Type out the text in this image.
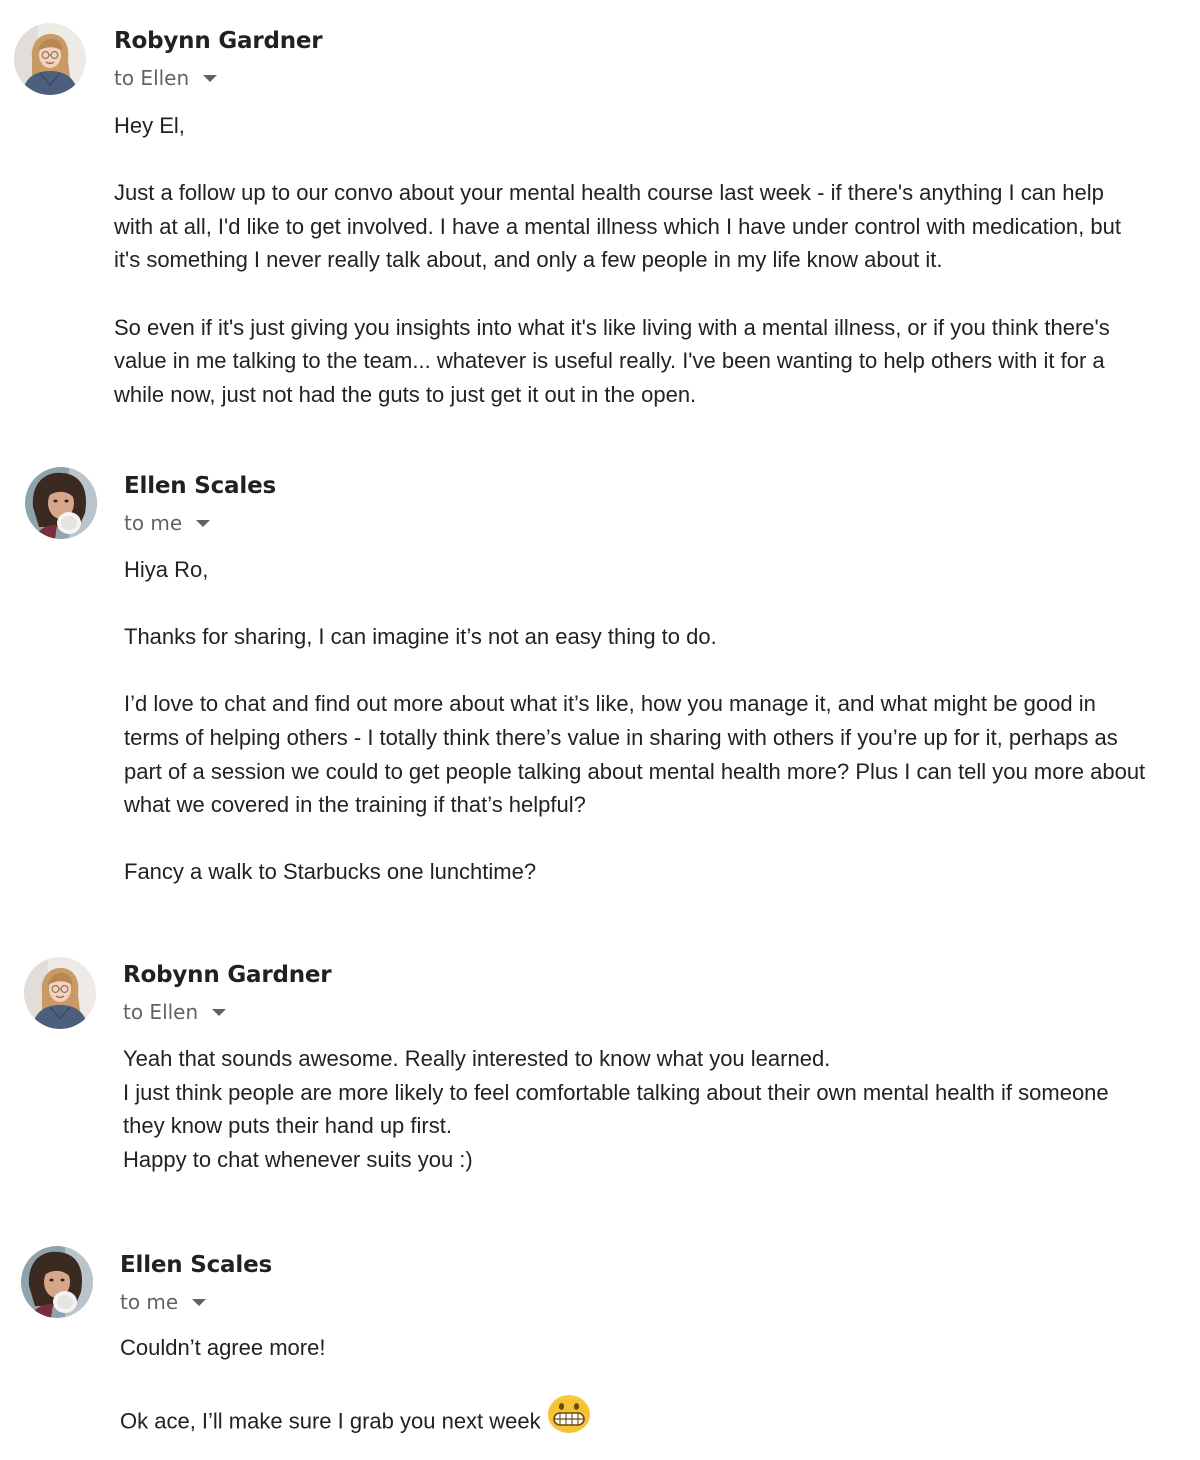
Robynn Gardner
to Ellen
Hey El,
Just a follow up to our convo about your mental health course last week - if there's anything I can help
with at all, I'd like to get involved. I have a mental illness which I have under control with medication, but
it's something I never really talk about, and only a few people in my life know about it.
So even if it's just giving you insights into what it's like living with a mental illness, or if you think there's
value in me talking to the team... whatever is useful really. I've been wanting to help others with it for a
while now, just not had the guts to just get it out in the open.
Ellen Scales
to me
Hiya Ro,
Thanks for sharing, I can imagine it’s not an easy thing to do.
I’d love to chat and find out more about what it’s like, how you manage it, and what might be good in
terms of helping others - I totally think there’s value in sharing with others if you’re up for it, perhaps as
part of a session we could to get people talking about mental health more? Plus I can tell you more about
what we covered in the training if that’s helpful?
Fancy a walk to Starbucks one lunchtime?
Robynn Gardner
to Ellen
Yeah that sounds awesome. Really interested to know what you learned.
I just think people are more likely to feel comfortable talking about their own mental health if someone
they know puts their hand up first.
Happy to chat whenever suits you :)
Ellen Scales
to me
Couldn’t agree more!
Ok ace, I’ll make sure I grab you next week
